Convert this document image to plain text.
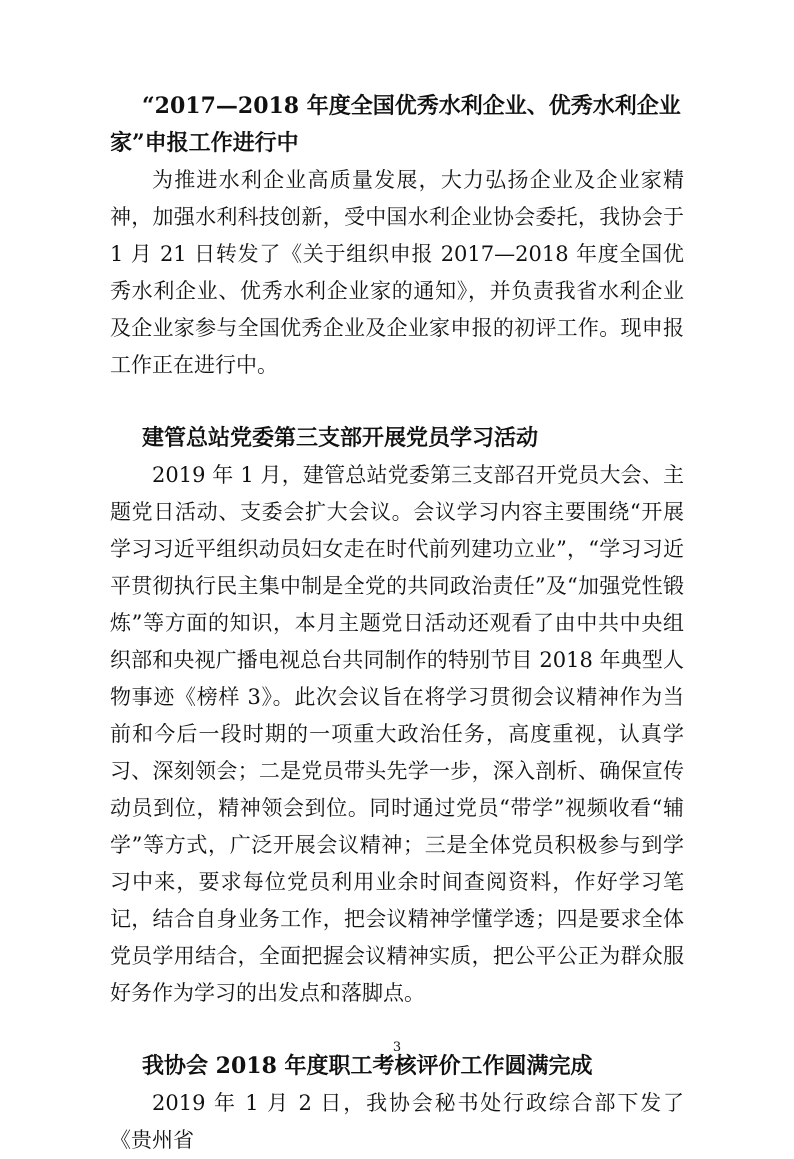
“2017—2018 年度全国优秀水利企业、优秀水利企业家”申报工作进行中

为推进水利企业高质量发展，大力弘扬企业及企业家精神，加强水利科技创新，受中国水利企业协会委托，我协会于 1 月 21 日转发了《关于组织申报 2017—2018 年度全国优秀水利企业、优秀水利企业家的通知》，并负责我省水利企业及企业家参与全国优秀企业及企业家申报的初评工作。现申报工作正在进行中。

建管总站党委第三支部开展党员学习活动

2019 年 1 月，建管总站党委第三支部召开党员大会、主题党日活动、支委会扩大会议。会议学习内容主要围绕“开展学习习近平组织动员妇女走在时代前列建功立业”，“学习习近平贯彻执行民主集中制是全党的共同政治责任”及“加强党性锻炼”等方面的知识，本月主题党日活动还观看了由中共中央组织部和央视广播电视总台共同制作的特别节目 2018 年典型人物事迹《榜样 3》。此次会议旨在将学习贯彻会议精神作为当前和今后一段时期的一项重大政治任务，高度重视，认真学习、深刻领会；二是党员带头先学一步，深入剖析、确保宣传动员到位，精神领会到位。同时通过党员“带学”视频收看“辅学”等方式，广泛开展会议精神；三是全体党员积极参与到学习中来，要求每位党员利用业余时间查阅资料，作好学习笔记，结合自身业务工作，把会议精神学懂学透；四是要求全体党员学用结合，全面把握会议精神实质，把公平公正为群众服好务作为学习的出发点和落脚点。

我协会 2018 年度职工考核评价工作圆满完成

2019 年 1 月 2 日，我协会秘书处行政综合部下发了《贵州省

3
